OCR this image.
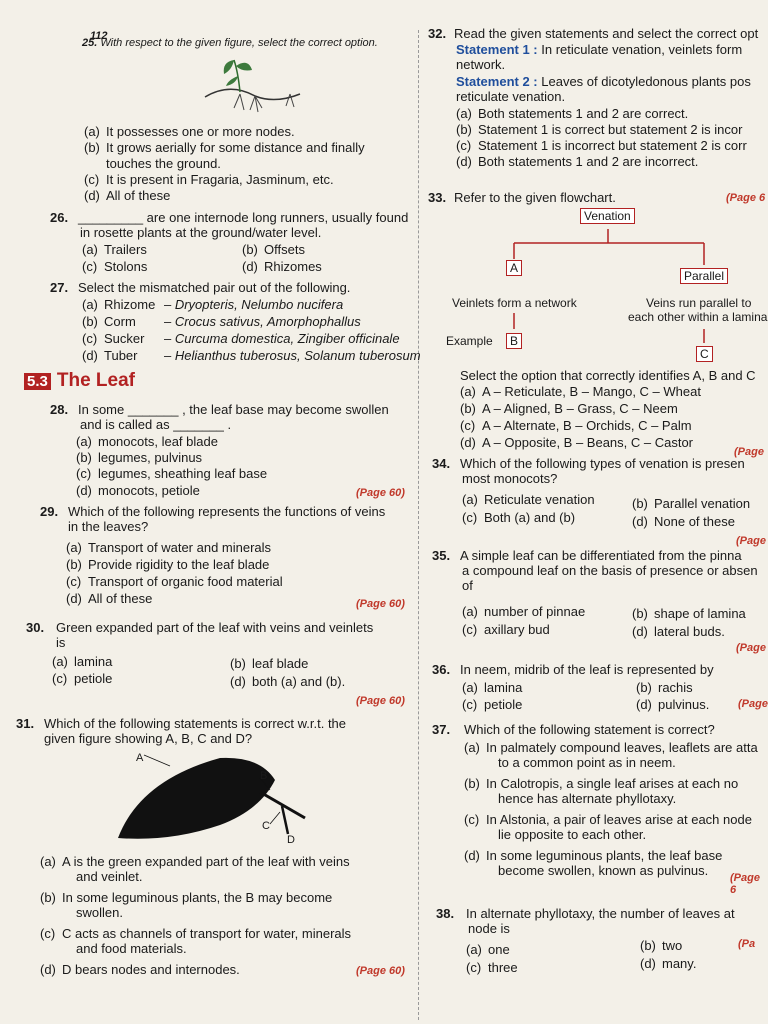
112
25. With respect to the given figure, select the correct option.
(a) It possesses one or more nodes.
(b) It grows aerially for some distance and finally
touches the ground.
(c) It is present in Fragaria, Jasminum, etc.
(d) All of these
26. _________ are one internode long runners, usually found
in rosette plants at the ground/water level.
(a) Trailers	(b) Offsets
(c) Stolons	(d) Rhizomes
27. Select the mismatched pair out of the following.
(a) Rhizome – Dryopteris, Nelumbo nucifera
(b) Corm – Crocus sativus, Amorphophallus
(c) Sucker – Curcuma domestica, Zingiber officinale
(d) Tuber – Helianthus tuberosus, Solanum tuberosum
5.3 The Leaf
28. In some _______ , the leaf base may become swollen
and is called as _______ .
(a) monocots, leaf blade
(b) legumes, pulvinus
(c) legumes, sheathing leaf base
(d) monocots, petiole	(Page 60)
29. Which of the following represents the functions of veins
in the leaves?
(a) Transport of water and minerals
(b) Provide rigidity to the leaf blade
(c) Transport of organic food material
(d) All of these	(Page 60)
30. Green expanded part of the leaf with veins and veinlets
is
(a) lamina	(b) leaf blade
(c) petiole	(d) both (a) and (b).
(Page 60)
31. Which of the following statements is correct w.r.t. the
given figure showing A, B, C and D?
A
B
C
D
(a) A is the green expanded part of the leaf with veins
and veinlet.
(b) In some leguminous plants, the B may become
swollen.
(c) C acts as channels of transport for water, minerals
and food materials.
(d) D bears nodes and internodes.	(Page 60)
32. Read the given statements and select the correct opt
Statement 1 : In reticulate venation, veinlets form
network.
Statement 2 : Leaves of dicotyledonous plants pos
reticulate venation.
(a) Both statements 1 and 2 are correct.
(b) Statement 1 is correct but statement 2 is incor
(c) Statement 1 is incorrect but statement 2 is corr
(d) Both statements 1 and 2 are incorrect.
33. Refer to the given flowchart.	(Page 6
Venation
A
Parallel
Veinlets form a network	Veins run parallel to
each other within a lamina
Example	B
C
Select the option that correctly identifies A, B and C
(a) A – Reticulate, B – Mango, C – Wheat
(b) A – Aligned, B – Grass, C – Neem
(c) A – Alternate, B – Orchids, C – Palm
(d) A – Opposite, B – Beans, C – Castor
(Page
34. Which of the following types of venation is presen
most monocots?
(a) Reticulate venation	(b) Parallel venation
(c) Both (a) and (b)	(d) None of these
(Page
35. A simple leaf can be differentiated from the pinna
a compound leaf on the basis of presence or absen
of
(a) number of pinnae	(b) shape of lamina
(c) axillary bud	(d) lateral buds.
(Page
36. In neem, midrib of the leaf is represented by
(a) lamina	(b) rachis
(c) petiole	(d) pulvinus.	(Page
37. Which of the following statement is correct?
(a) In palmately compound leaves, leaflets are atta
to a common point as in neem.
(b) In Calotropis, a single leaf arises at each no
hence has alternate phyllotaxy.
(c) In Alstonia, a pair of leaves arise at each node
lie opposite to each other.
(d) In some leguminous plants, the leaf base
become swollen, known as pulvinus.	(Page 6
38. In alternate phyllotaxy, the number of leaves at
node is
(a) one	(b) two
(c) three	(d) many.
(Pa
